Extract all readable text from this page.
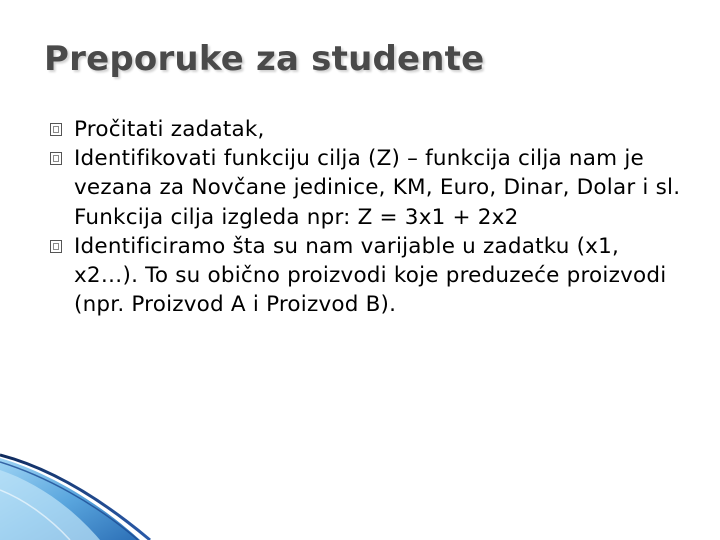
Preporuke za studente
Pročitati zadatak,
Identifikovati funkciju cilja (Z) – funkcija cilja nam je vezana za Novčane jedinice, KM, Euro, Dinar, Dolar i sl. Funkcija cilja izgleda npr: Z = 3x1 + 2x2
Identificiramo šta su nam varijable u zadatku (x1, x2…). To su obično proizvodi koje preduzeće proizvodi (npr. Proizvod A i Proizvod B).
